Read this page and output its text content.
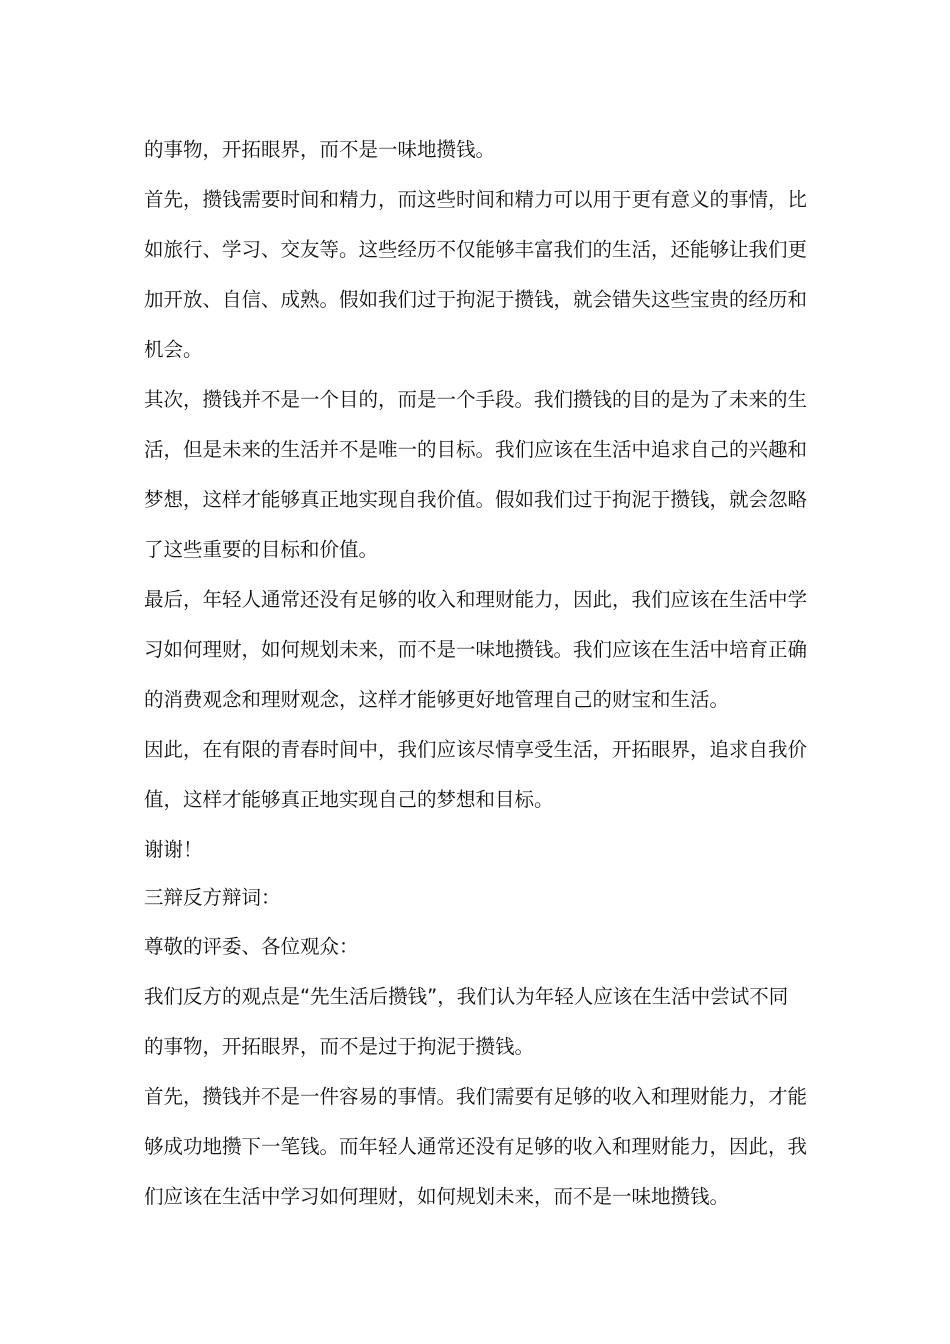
的事物，开拓眼界，而不是一味地攒钱。
首先，攒钱需要时间和精力，而这些时间和精力可以用于更有意义的事情，比
如旅行、学习、交友等。这些经历不仅能够丰富我们的生活，还能够让我们更
加开放、自信、成熟。假如我们过于拘泥于攒钱，就会错失这些宝贵的经历和
机会。
其次，攒钱并不是一个目的，而是一个手段。我们攒钱的目的是为了未来的生
活，但是未来的生活并不是唯一的目标。我们应该在生活中追求自己的兴趣和
梦想，这样才能够真正地实现自我价值。假如我们过于拘泥于攒钱，就会忽略
了这些重要的目标和价值。
最后，年轻人通常还没有足够的收入和理财能力，因此，我们应该在生活中学
习如何理财，如何规划未来，而不是一味地攒钱。我们应该在生活中培育正确
的消费观念和理财观念，这样才能够更好地管理自己的财宝和生活。
因此，在有限的青春时间中，我们应该尽情享受生活，开拓眼界，追求自我价
值，这样才能够真正地实现自己的梦想和目标。
谢谢！
三辩反方辩词：
尊敬的评委、各位观众：
我们反方的观点是“先生活后攒钱”，我们认为年轻人应该在生活中尝试不同
的事物，开拓眼界，而不是过于拘泥于攒钱。
首先，攒钱并不是一件容易的事情。我们需要有足够的收入和理财能力，才能
够成功地攒下一笔钱。而年轻人通常还没有足够的收入和理财能力，因此，我
们应该在生活中学习如何理财，如何规划未来，而不是一味地攒钱。
